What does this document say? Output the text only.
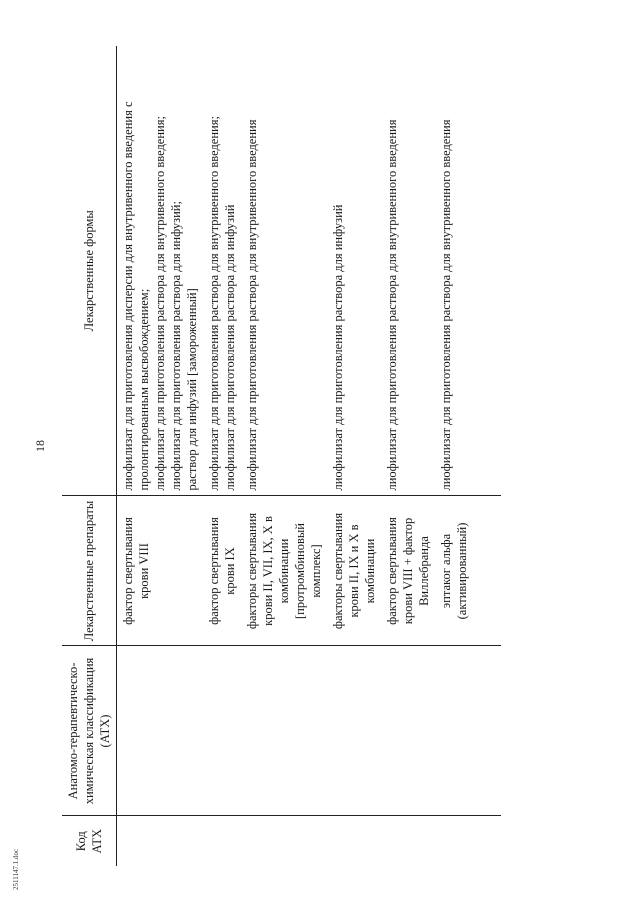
18
Код АТХ	Анатомо-терапевтическо-химическая классификация (АТХ)	Лекарственные препараты	Лекарственные формы
		фактор свертывания крови VIII	лиофилизат для приготовления дисперсии для внутривенного введения с пролонгированным высвобождением; лиофилизат для приготовления раствора для внутривенного введения; лиофилизат для приготовления раствора для инфузий; раствор для инфузий [замороженный]

		фактор свертывания крови IX	лиофилизат для приготовления раствора для внутривенного введения; лиофилизат для приготовления раствора для инфузий

		факторы свертывания крови II, VII, IX, X в комбинации [протромбиновый комплекс]	лиофилизат для приготовления раствора для внутривенного введения

		факторы свертывания крови II, IX и X в комбинации	лиофилизат для приготовления раствора для инфузий

		фактор свертывания крови VIII + фактор Виллебранда	лиофилизат для приготовления раствора для внутривенного введения

		эптаког альфа (активированный)	лиофилизат для приготовления раствора для внутривенного введения
2511147.1.doc
